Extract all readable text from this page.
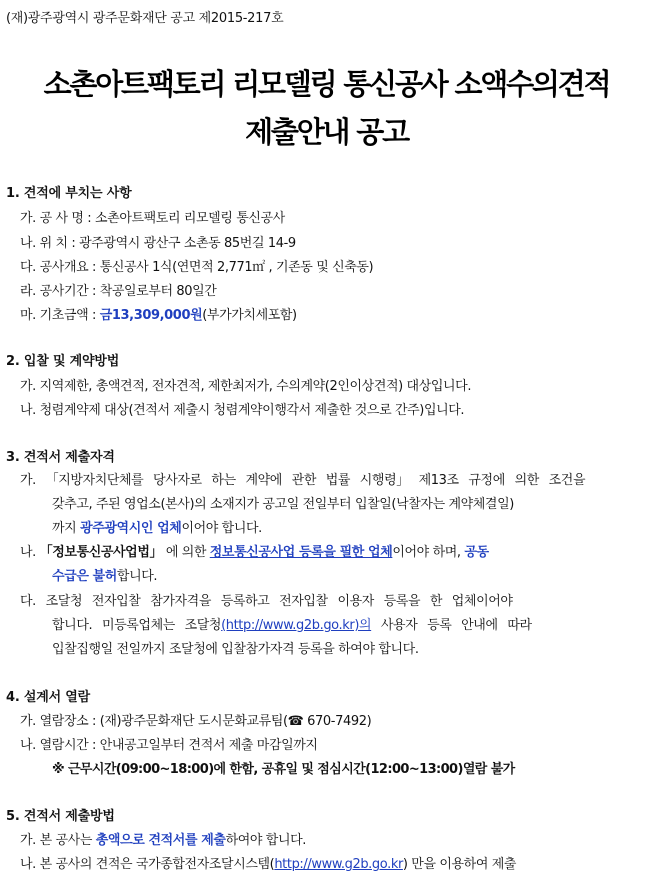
(재)광주광역시 광주문화재단 공고 제2015-217호
소촌아트팩토리 리모델링 통신공사 소액수의견적
제출안내 공고
1. 견적에 부치는 사항
가. 공 사 명 : 소촌아트팩토리 리모델링 통신공사
나. 위 치 : 광주광역시 광산구 소촌동 85번길 14-9
다. 공사개요 : 통신공사 1식(연면적 2,771㎡ , 기존동 및 신축동)
라. 공사기간 : 착공일로부터 80일간
마. 기초금액 : 금13,309,000원(부가가치세포함)
2. 입찰 및 계약방법
가. 지역제한, 총액견적, 전자견적, 제한최저가, 수의계약(2인이상견적) 대상입니다.
나. 청렴계약제 대상(견적서 제출시 청렴계약이행각서 제출한 것으로 간주)입니다.
3. 견적서 제출자격
가. 「지방자치단체를 당사자로 하는 계약에 관한 법률 시행령」 제13조 규정에 의한 조건을
갖추고, 주된 영업소(본사)의 소재지가 공고일 전일부터 입찰일(낙찰자는 계약체결일)
까지 광주광역시인 업체이어야 합니다.
나. 「정보통신공사업법」 에 의한 정보통신공사업 등록을 필한 업체이어야 하며, 공동
수급은 불허합니다.
다. 조달청 전자입찰 참가자격을 등록하고 전자입찰 이용자 등록을 한 업체이어야
합니다. 미등록업체는 조달청(http://www.g2b.go.kr)의 사용자 등록 안내에 따라
입찰집행일 전일까지 조달청에 입찰참가자격 등록을 하여야 합니다.
4. 설계서 열람
가. 열람장소 : (재)광주문화재단 도시문화교류팀(☎ 670-7492)
나. 열람시간 : 안내공고일부터 견적서 제출 마감일까지
※ 근무시간(09:00~18:00)에 한함, 공휴일 및 점심시간(12:00~13:00)열람 불가
5. 견적서 제출방법
가. 본 공사는 총액으로 견적서를 제출하여야 합니다.
나. 본 공사의 견적은 국가종합전자조달시스템(http://www.g2b.go.kr) 만을 이용하여 제출
